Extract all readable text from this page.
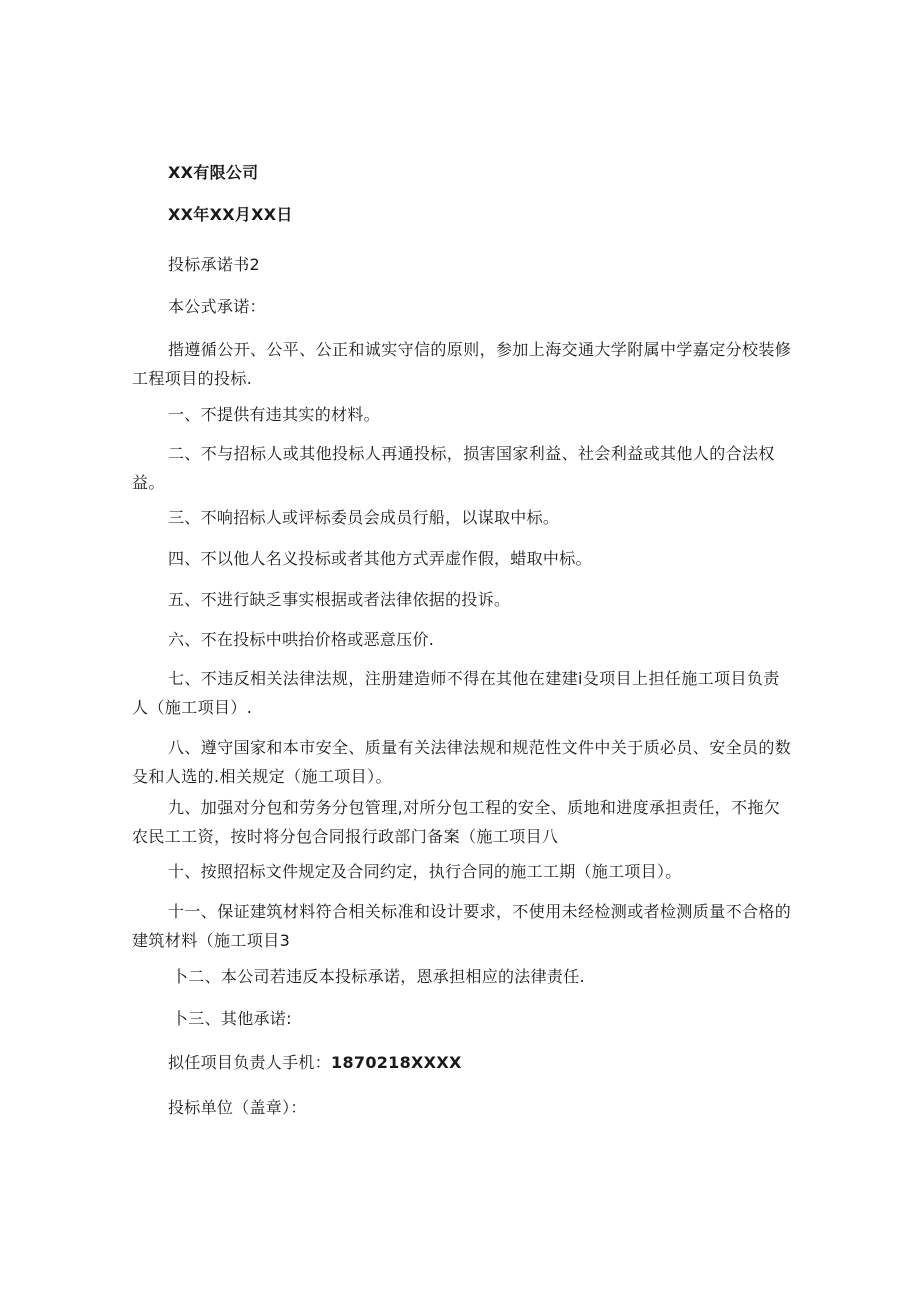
XX有限公司
XX年XX月XX日
投标承诺书2
本公式承诺：
揩遵循公开、公平、公正和诚实守信的原则，参加上海交通大学附属中学嘉定分校装修工程项目的投标.
一、不提供有违其实的材料。
二、不与招标人或其他投标人再通投标，损害国家利益、社会利益或其他人的合法权益。
三、不响招标人或评标委员会成员行船，以谋取中标。
四、不以他人名义投标或者其他方式弄虚作假，蜡取中标。
五、不进行缺乏事实根据或者法律依据的投诉。
六、不在投标中哄抬价格或恶意压价.
七、不违反相关法律法规，注册建造师不得在其他在建建i殳项目上担任施工项目负责人（施工项目）.
八、遵守国家和本市安全、质量有关法律法规和规范性文件中关于质必员、安全员的数殳和人选的.相关规定（施工项目）。
九、加强对分包和劳务分包管理,对所分包工程的安全、质地和进度承担责任，不拖欠农民工工资，按时将分包合同报行政部门备案（施工项目八
十、按照招标文件规定及合同约定，执行合同的施工工期（施工项目）。
十一、保证建筑材料符合相关标准和设计要求，不使用未经检测或者检测质量不合格的建筑材料（施工项目3
卜二、本公司若违反本投标承诺，恩承担相应的法律责任.
卜三、其他承诺:
拟任项目负责人手机：1870218XXXX
投标单位（盖章）：
